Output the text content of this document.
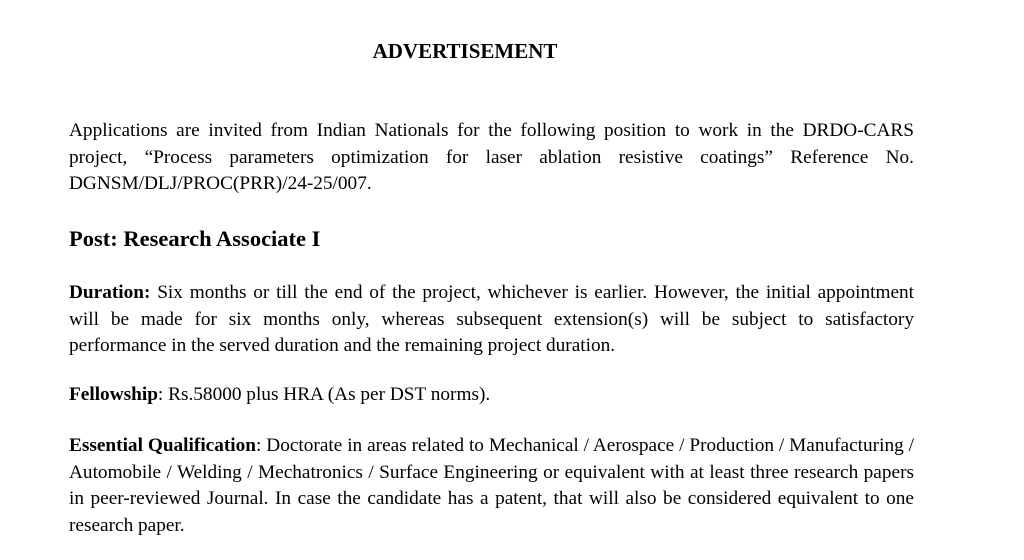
ADVERTISEMENT

Applications are invited from Indian Nationals for the following position to work in the DRDO-CARS project, “Process parameters optimization for laser ablation resistive coatings” Reference No. DGNSM/DLJ/PROC(PRR)/24-25/007.

Post: Research Associate I

Duration: Six months or till the end of the project, whichever is earlier. However, the initial appointment will be made for six months only, whereas subsequent extension(s) will be subject to satisfactory performance in the served duration and the remaining project duration.

Fellowship: Rs.58000 plus HRA (As per DST norms).

Essential Qualification: Doctorate in areas related to Mechanical / Aerospace / Production / Manufacturing / Automobile / Welding / Mechatronics / Surface Engineering or equivalent with at least three research papers in peer-reviewed Journal. In case the candidate has a patent, that will also be considered equivalent to one research paper.
